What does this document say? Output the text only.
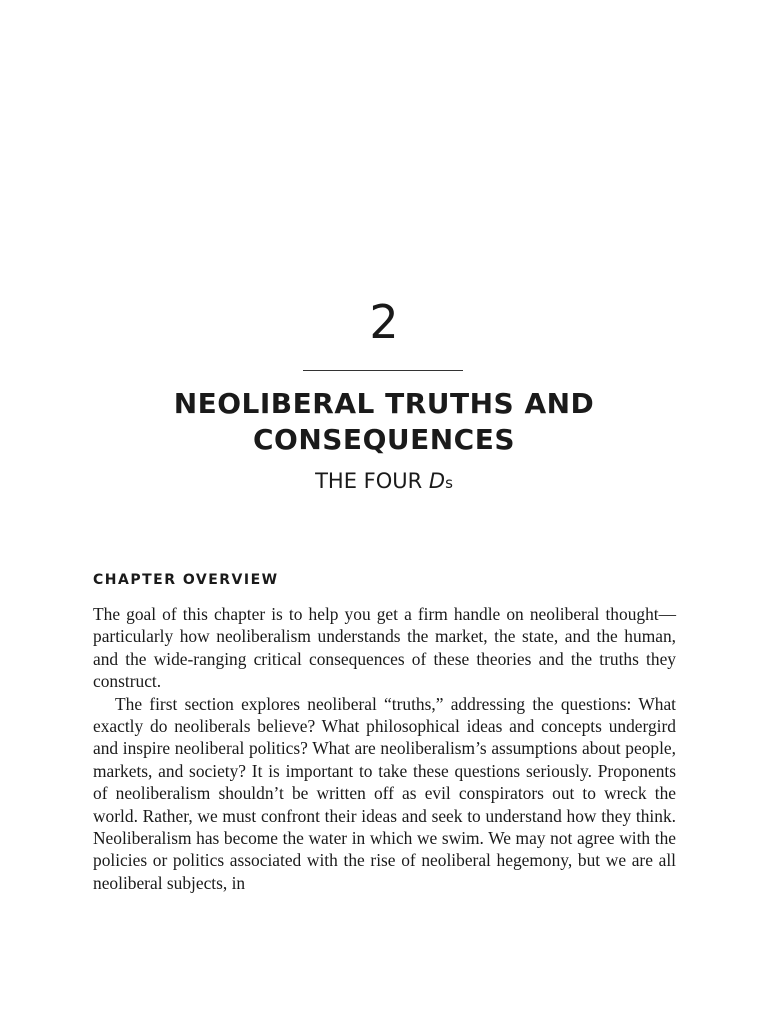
2
NEOLIBERAL TRUTHS AND
CONSEQUENCES
THE FOUR Ds
CHAPTER OVERVIEW

The goal of this chapter is to help you get a firm handle on neoliberal thought—particularly how neoliberalism understands the market, the state, and the human, and the wide-ranging critical consequences of these theories and the truths they construct.

The first section explores neoliberal “truths,” addressing the questions: What exactly do neoliberals believe? What philosophical ideas and concepts undergird and inspire neoliberal politics? What are neoliberalism’s assumptions about people, markets, and society? It is important to take these questions seriously. Proponents of neoliberalism shouldn’t be written off as evil conspirators out to wreck the world. Rather, we must confront their ideas and seek to understand how they think. Neoliberalism has become the water in which we swim. We may not agree with the policies or politics associated with the rise of neoliberal hegemony, but we are all neoliberal subjects, in
